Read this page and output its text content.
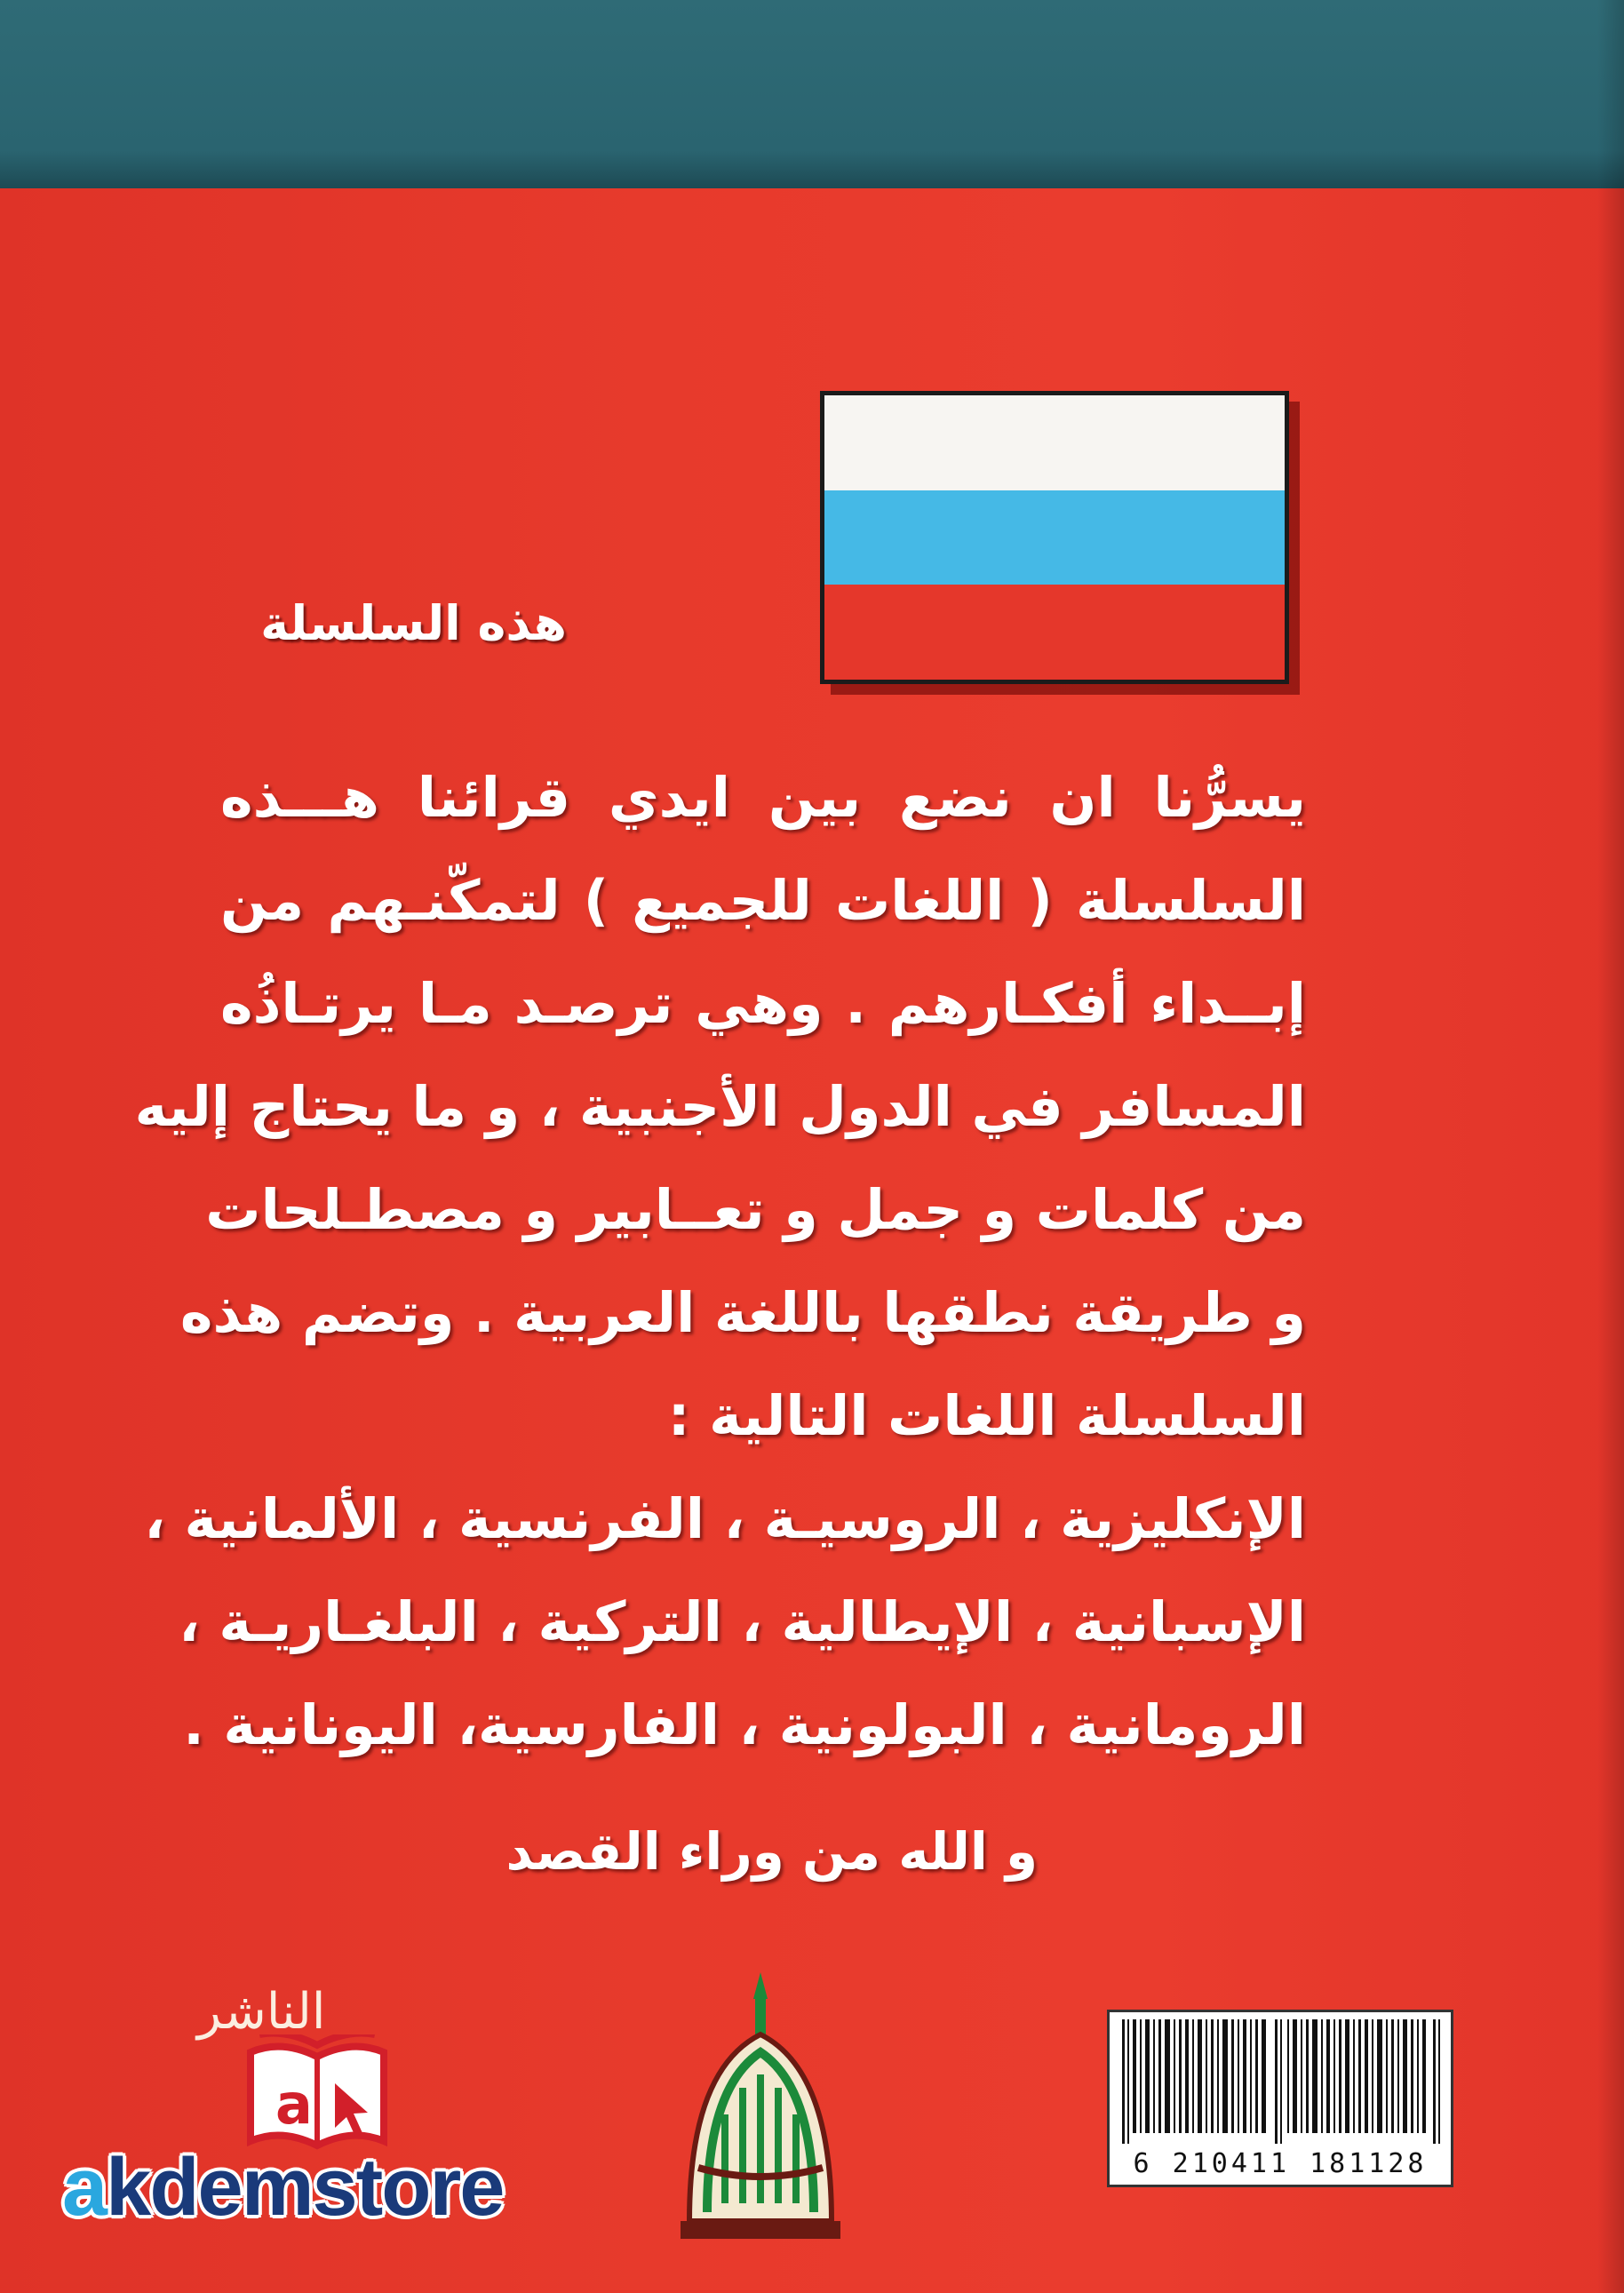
هذه السلسلة
يسرُّنا ان نضع بين ايدي قرائنا هـــذه
السلسلة ( اللغات للجميع ) لتمكّنـهم من
إبــداء أفكـارهم . وهي ترصـد مـا يرتـاذُه
المسافر في الدول الأجنبية ، و ما يحتاج إليه
من كلمات و جمل و تعــابير و مصطـلحات
و طريقة نطقها باللغة العربية . وتضم هذه
السلسلة اللغات التالية :
الإنكليزية ، الروسيـة ، الفرنسية ، الألمانية ،
الإسبانية ، الإيطالية ، التركية ، البلغـاريـة ،
الرومانية ، البولونية ، الفارسية، اليونانية .
و الله من وراء القصد
الناشر
a
akdemstore	6 210411 181128
